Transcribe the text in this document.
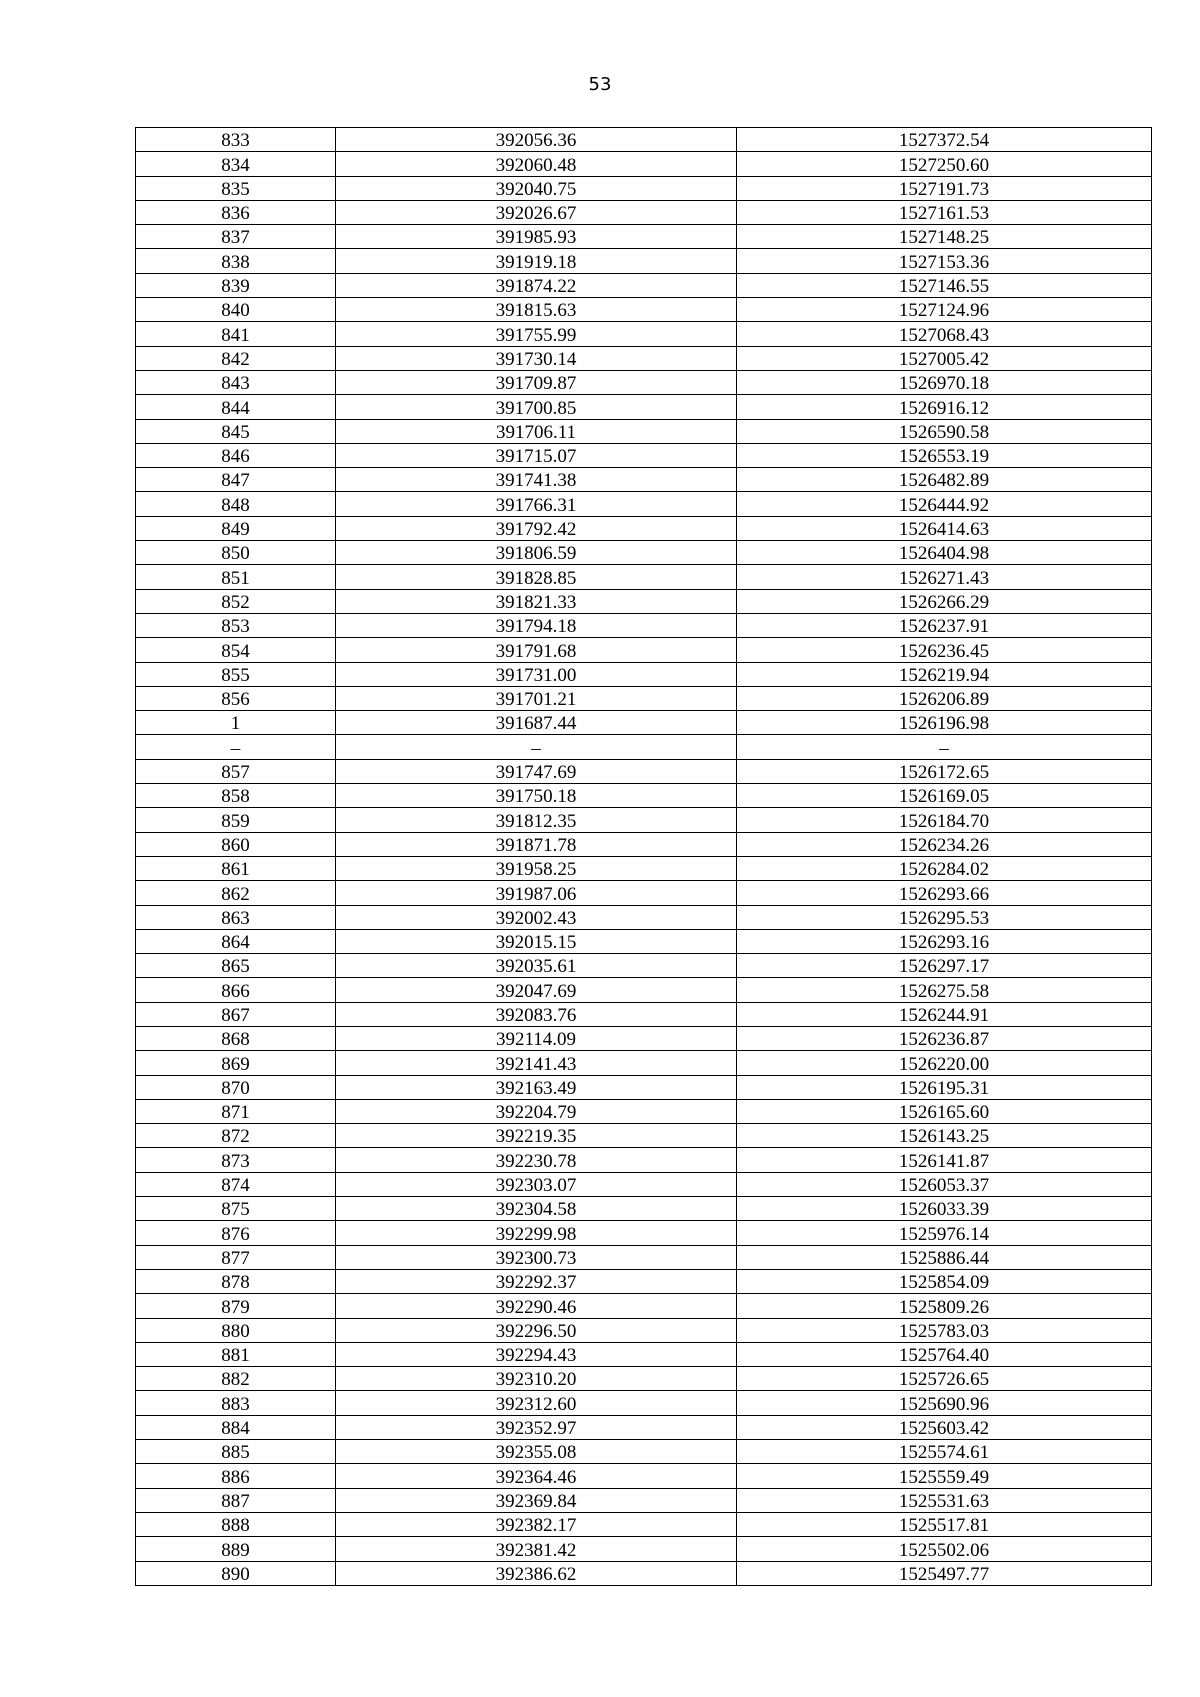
53
833	392056.36	1527372.54
834	392060.48	1527250.60
835	392040.75	1527191.73
836	392026.67	1527161.53
837	391985.93	1527148.25
838	391919.18	1527153.36
839	391874.22	1527146.55
840	391815.63	1527124.96
841	391755.99	1527068.43
842	391730.14	1527005.42
843	391709.87	1526970.18
844	391700.85	1526916.12
845	391706.11	1526590.58
846	391715.07	1526553.19
847	391741.38	1526482.89
848	391766.31	1526444.92
849	391792.42	1526414.63
850	391806.59	1526404.98
851	391828.85	1526271.43
852	391821.33	1526266.29
853	391794.18	1526237.91
854	391791.68	1526236.45
855	391731.00	1526219.94
856	391701.21	1526206.89
1	391687.44	1526196.98
–	–	–
857	391747.69	1526172.65
858	391750.18	1526169.05
859	391812.35	1526184.70
860	391871.78	1526234.26
861	391958.25	1526284.02
862	391987.06	1526293.66
863	392002.43	1526295.53
864	392015.15	1526293.16
865	392035.61	1526297.17
866	392047.69	1526275.58
867	392083.76	1526244.91
868	392114.09	1526236.87
869	392141.43	1526220.00
870	392163.49	1526195.31
871	392204.79	1526165.60
872	392219.35	1526143.25
873	392230.78	1526141.87
874	392303.07	1526053.37
875	392304.58	1526033.39
876	392299.98	1525976.14
877	392300.73	1525886.44
878	392292.37	1525854.09
879	392290.46	1525809.26
880	392296.50	1525783.03
881	392294.43	1525764.40
882	392310.20	1525726.65
883	392312.60	1525690.96
884	392352.97	1525603.42
885	392355.08	1525574.61
886	392364.46	1525559.49
887	392369.84	1525531.63
888	392382.17	1525517.81
889	392381.42	1525502.06
890	392386.62	1525497.77
